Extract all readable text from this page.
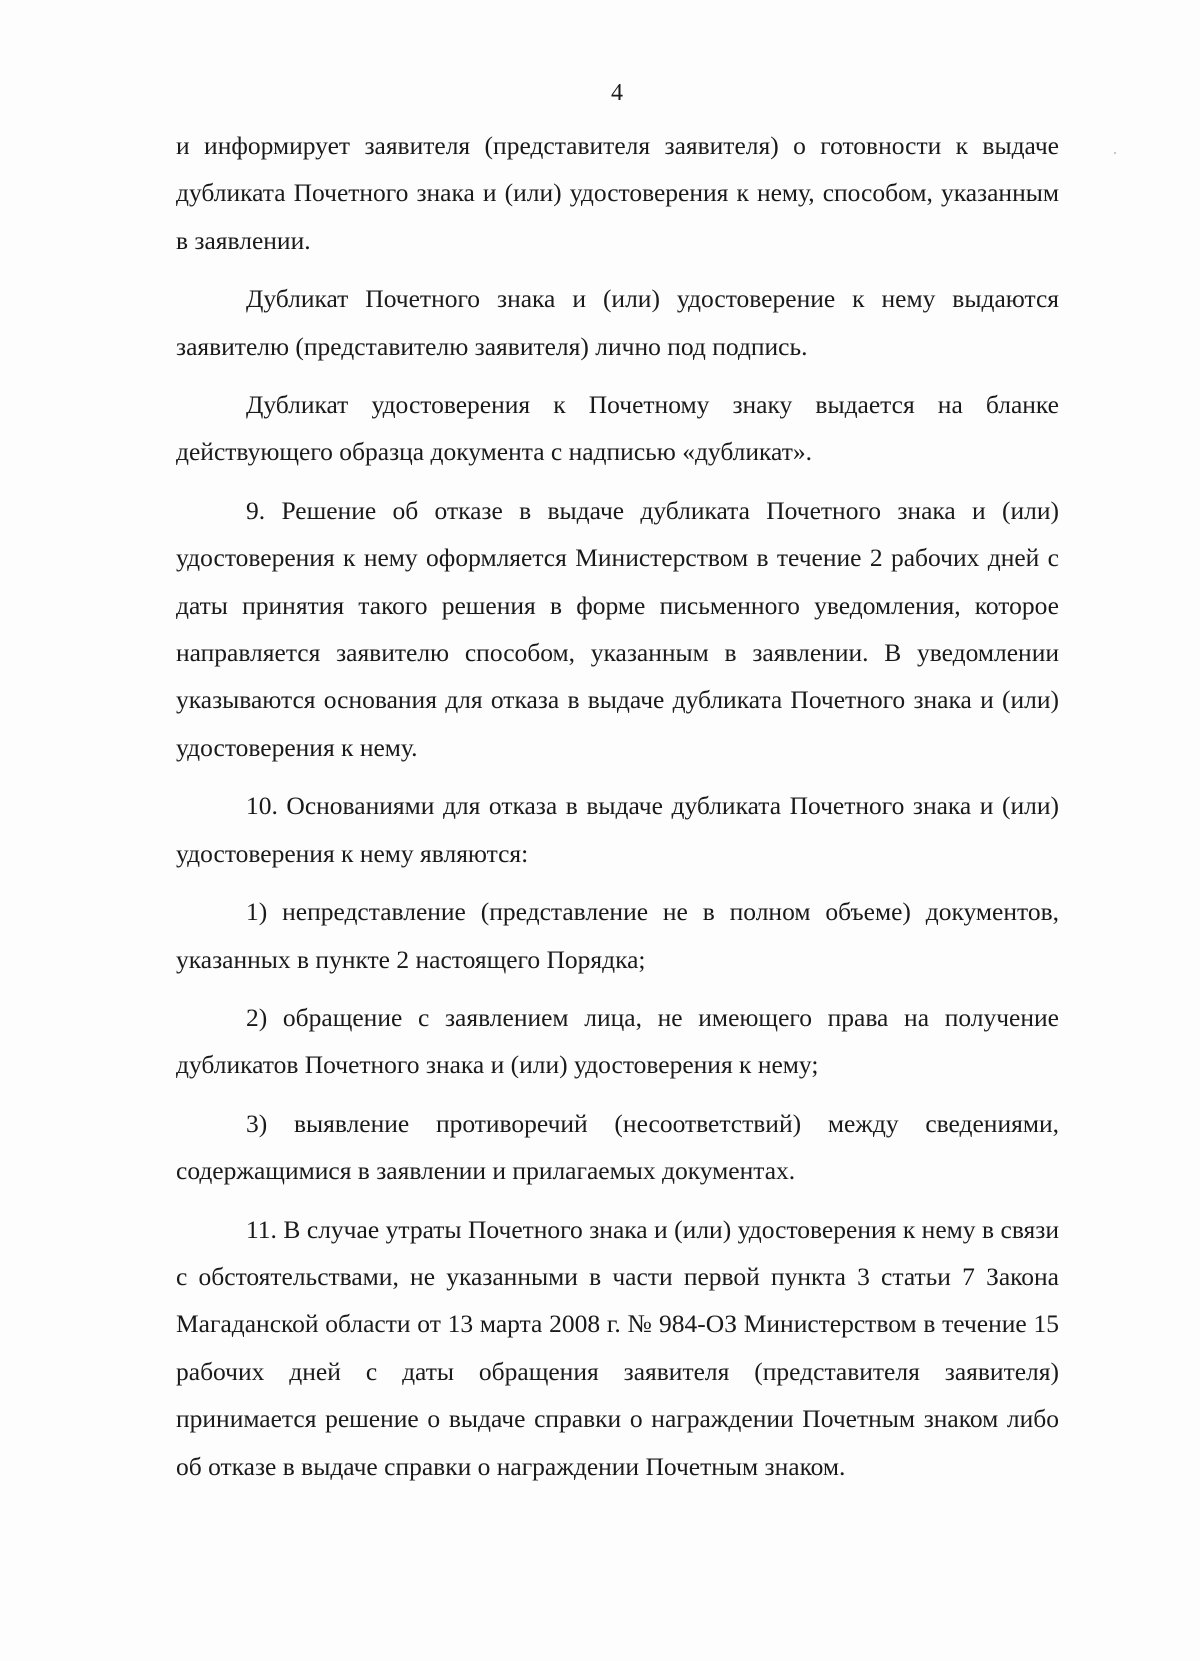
4

и информирует заявителя (представителя заявителя) о готовности к выдаче дубликата Почетного знака и (или) удостоверения к нему, способом, указанным в заявлении.

Дубликат Почетного знака и (или) удостоверение к нему выдаются заявителю (представителю заявителя) лично под подпись.

Дубликат удостоверения к Почетному знаку выдается на бланке действующего образца документа с надписью «дубликат».

9. Решение об отказе в выдаче дубликата Почетного знака и (или) удостоверения к нему оформляется Министерством в течение 2 рабочих дней с даты принятия такого решения в форме письменного уведомления, которое направляется заявителю способом, указанным в заявлении. В уведомлении указываются основания для отказа в выдаче дубликата Почетного знака и (или) удостоверения к нему.

10. Основаниями для отказа в выдаче дубликата Почетного знака и (или) удостоверения к нему являются:

1) непредставление (представление не в полном объеме) документов, указанных в пункте 2 настоящего Порядка;

2) обращение с заявлением лица, не имеющего права на получение дубликатов Почетного знака и (или) удостоверения к нему;

3) выявление противоречий (несоответствий) между сведениями, содержащимися в заявлении и прилагаемых документах.

11. В случае утраты Почетного знака и (или) удостоверения к нему в связи с обстоятельствами, не указанными в части первой пункта 3 статьи 7 Закона Магаданской области от 13 марта 2008 г. № 984-ОЗ Министерством в течение 15 рабочих дней с даты обращения заявителя (представителя заявителя) принимается решение о выдаче справки о награждении Почетным знаком либо об отказе в выдаче справки о награждении Почетным знаком.
